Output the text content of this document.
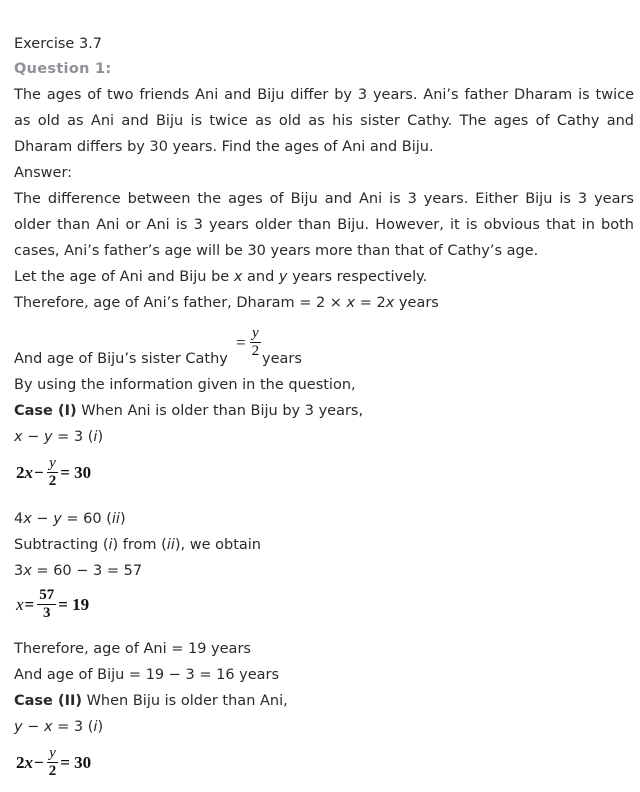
Exercise 3.7
Question 1:
The ages of two friends Ani and Biju differ by 3 years. Ani’s father Dharam is twice
as old as Ani and Biju is twice as old as his sister Cathy. The ages of Cathy and
Dharam differs by 30 years. Find the ages of Ani and Biju.
Answer:
The difference between the ages of Biju and Ani is 3 years. Either Biju is 3 years
older than Ani or Ani is 3 years older than Biju. However, it is obvious that in both
cases, Ani’s father’s age will be 30 years more than that of Cathy’s age.
Let the age of Ani and Biju be x and y years respectively.
Therefore, age of Ani’s father, Dharam = 2 × x = 2x years
And age of Biju’s sister Cathy
= $\frac{y}{2}$ years
By using the information given in the question,
Case (I) When Ani is older than Biju by 3 years,
x − y = 3 (i)
2 $x - \frac{y}{2} = 30$
4x − y = 60 (ii)
Subtracting (i) from (ii), we obtain
3x = 60 − 3 = 57
$x = \frac{57}{3} = 19$
Therefore, age of Ani = 19 years
And age of Biju = 19 − 3 = 16 years
Case (II) When Biju is older than Ani,
y − x = 3 (i)
2 $x - \frac{y}{2} = 30$
